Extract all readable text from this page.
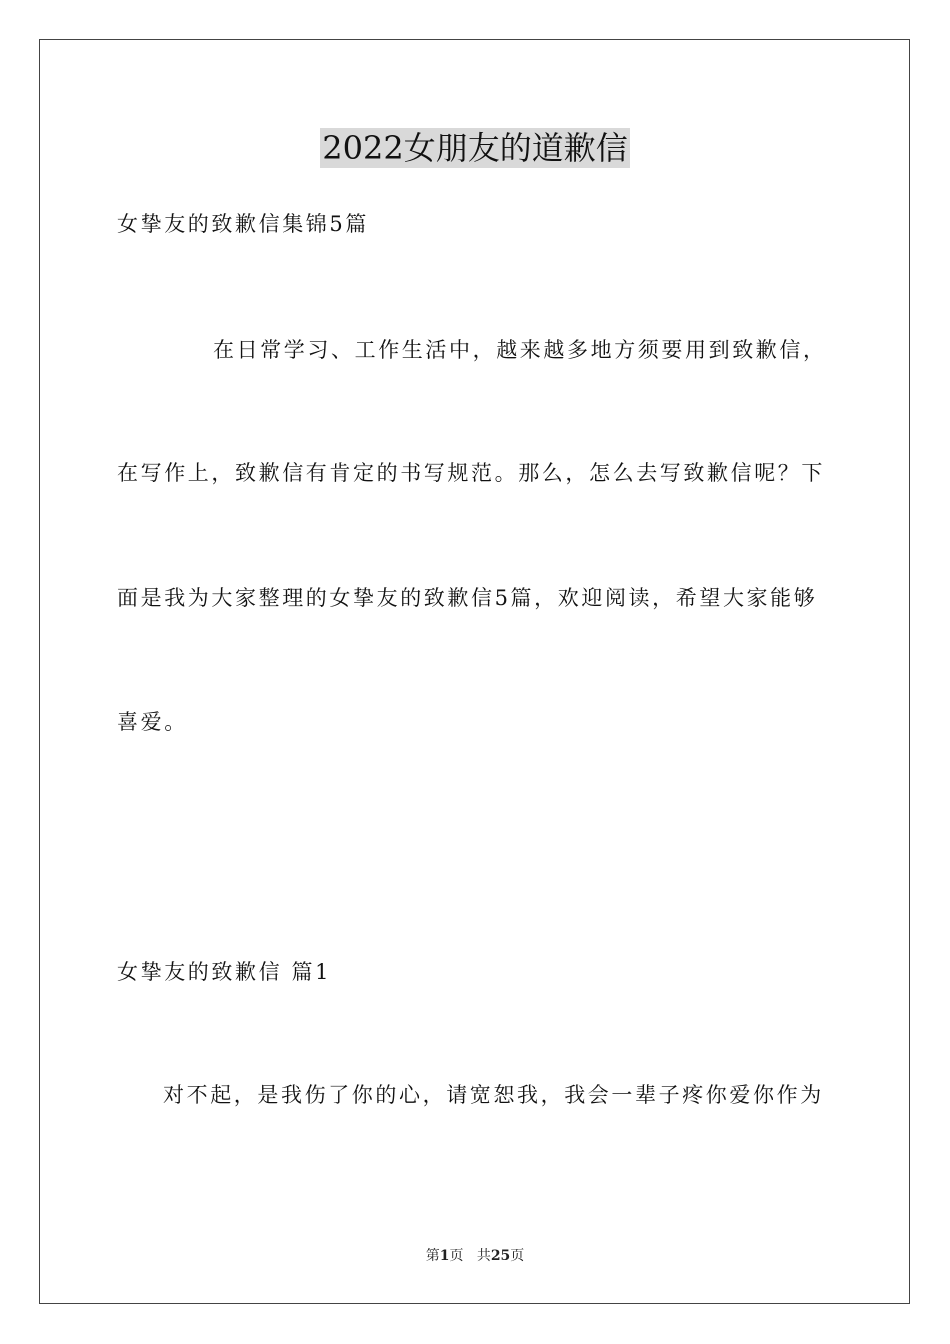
2022女朋友的道歉信
女挚友的致歉信集锦5篇
在日常学习、工作生活中，越来越多地方须要用到致歉信，
在写作上，致歉信有肯定的书写规范。那么，怎么去写致歉信呢？下
面是我为大家整理的女挚友的致歉信5篇，欢迎阅读，希望大家能够
喜爱。
女挚友的致歉信 篇1
对不起，是我伤了你的心，请宽恕我，我会一辈子疼你爱你作为
第1页 共25页
